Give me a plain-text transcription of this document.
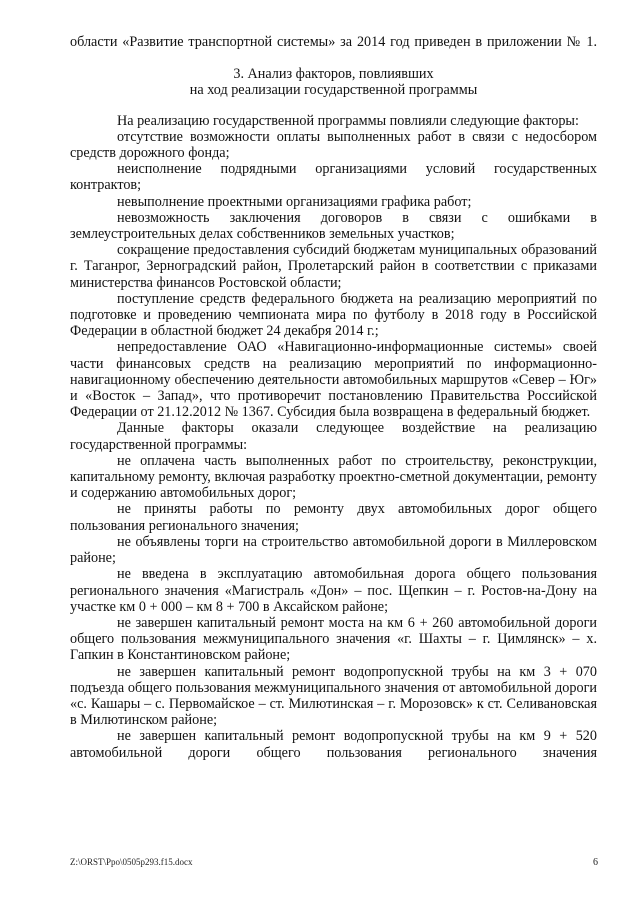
области «Развитие транспортной системы» за 2014 год приведен в приложении № 1.

3. Анализ факторов, повлиявших
на ход реализации государственной программы

На реализацию государственной программы повлияли следующие факторы:

отсутствие возможности оплаты выполненных работ в связи с недосбором средств дорожного фонда;

неисполнение подрядными организациями условий государственных контрактов;

невыполнение проектными организациями графика работ;

невозможность заключения договоров в связи с ошибками в землеустроительных делах собственников земельных участков;

сокращение предоставления субсидий бюджетам муниципальных образований г. Таганрог, Зерноградский район, Пролетарский район в соответствии с приказами министерства финансов Ростовской области;

поступление средств федерального бюджета на реализацию мероприятий по подготовке и проведению чемпионата мира по футболу в 2018 году в Российской Федерации в областной бюджет 24 декабря 2014 г.;

непредоставление ОАО «Навигационно-информационные системы» своей части финансовых средств на реализацию мероприятий по информационно-навигационному обеспечению деятельности автомобильных маршрутов «Север – Юг» и «Восток – Запад», что противоречит постановлению Правительства Российской Федерации от 21.12.2012 № 1367. Субсидия была возвращена в федеральный бюджет.

Данные факторы оказали следующее воздействие на реализацию государственной программы:

не оплачена часть выполненных работ по строительству, реконструкции, капитальному ремонту, включая разработку проектно-сметной документации, ремонту и содержанию автомобильных дорог;

не приняты работы по ремонту двух автомобильных дорог общего пользования регионального значения;

не объявлены торги на строительство автомобильной дороги в Миллеровском районе;

не введена в эксплуатацию автомобильная дорога общего пользования регионального значения «Магистраль «Дон» – пос. Щепкин – г. Ростов-на-Дону на участке км 0 + 000 – км 8 + 700 в Аксайском районе;

не завершен капитальный ремонт моста на км 6 + 260 автомобильной дороги общего пользования межмуниципального значения «г. Шахты – г. Цимлянск» – х. Гапкин в Константиновском районе;

не завершен капитальный ремонт водопропускной трубы на км 3 + 070 подъезда общего пользования межмуниципального значения от автомобильной дороги «с. Кашары – с. Первомайское – ст. Милютинская – г. Морозовск» к ст. Селивановская в Милютинском районе;

не завершен капитальный ремонт водопропускной трубы на км 9 + 520 автомобильной дороги общего пользования регионального значения

Z:\ORST\Ppo\0505p293.f15.docx	6
